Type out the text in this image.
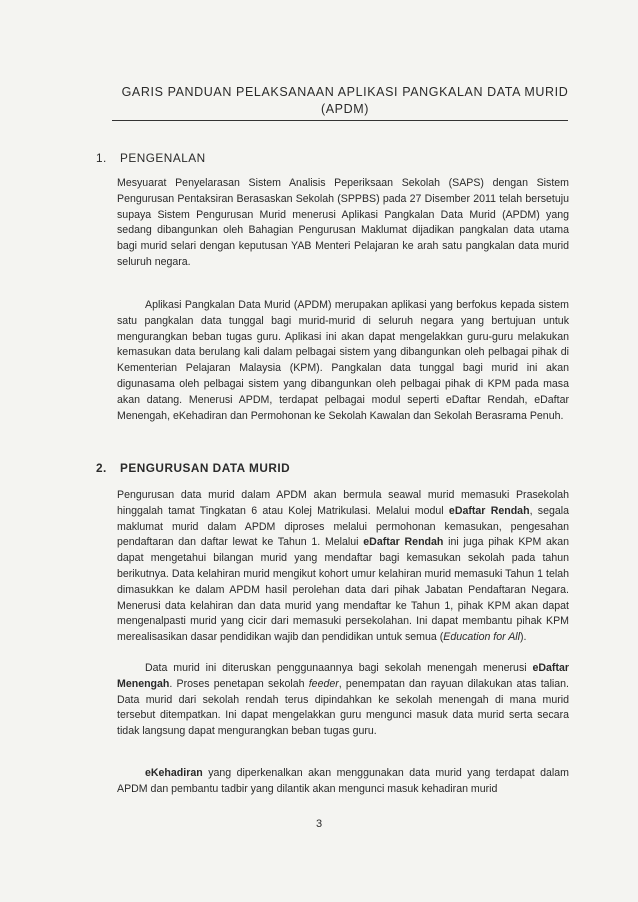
GARIS PANDUAN PELAKSANAAN APLIKASI PANGKALAN DATA MURID
(APDM)
1. PENGENALAN

Mesyuarat Penyelarasan Sistem Analisis Peperiksaan Sekolah (SAPS) dengan Sistem Pengurusan Pentaksiran Berasaskan Sekolah (SPPBS) pada 27 Disember 2011 telah bersetuju supaya Sistem Pengurusan Murid menerusi Aplikasi Pangkalan Data Murid (APDM) yang sedang dibangunkan oleh Bahagian Pengurusan Maklumat dijadikan pangkalan data utama bagi murid selari dengan keputusan YAB Menteri Pelajaran ke arah satu pangkalan data murid seluruh negara.

Aplikasi Pangkalan Data Murid (APDM) merupakan aplikasi yang berfokus kepada sistem satu pangkalan data tunggal bagi murid-murid di seluruh negara yang bertujuan untuk mengurangkan beban tugas guru. Aplikasi ini akan dapat mengelakkan guru-guru melakukan kemasukan data berulang kali dalam pelbagai sistem yang dibangunkan oleh pelbagai pihak di Kementerian Pelajaran Malaysia (KPM). Pangkalan data tunggal bagi murid ini akan digunasama oleh pelbagai sistem yang dibangunkan oleh pelbagai pihak di KPM pada masa akan datang. Menerusi APDM, terdapat pelbagai modul seperti eDaftar Rendah, eDaftar Menengah, eKehadiran dan Permohonan ke Sekolah Kawalan dan Sekolah Berasrama Penuh.

2. PENGURUSAN DATA MURID

Pengurusan data murid dalam APDM akan bermula seawal murid memasuki Prasekolah hinggalah tamat Tingkatan 6 atau Kolej Matrikulasi. Melalui modul eDaftar Rendah, segala maklumat murid dalam APDM diproses melalui permohonan kemasukan, pengesahan pendaftaran dan daftar lewat ke Tahun 1. Melalui eDaftar Rendah ini juga pihak KPM akan dapat mengetahui bilangan murid yang mendaftar bagi kemasukan sekolah pada tahun berikutnya. Data kelahiran murid mengikut kohort umur kelahiran murid memasuki Tahun 1 telah dimasukkan ke dalam APDM hasil perolehan data dari pihak Jabatan Pendaftaran Negara. Menerusi data kelahiran dan data murid yang mendaftar ke Tahun 1, pihak KPM akan dapat mengenalpasti murid yang cicir dari memasuki persekolahan. Ini dapat membantu pihak KPM merealisasikan dasar pendidikan wajib dan pendidikan untuk semua (Education for All).

Data murid ini diteruskan penggunaannya bagi sekolah menengah menerusi eDaftar Menengah. Proses penetapan sekolah feeder, penempatan dan rayuan dilakukan atas talian. Data murid dari sekolah rendah terus dipindahkan ke sekolah menengah di mana murid tersebut ditempatkan. Ini dapat mengelakkan guru mengunci masuk data murid serta secara tidak langsung dapat mengurangkan beban tugas guru.

eKehadiran yang diperkenalkan akan menggunakan data murid yang terdapat dalam APDM dan pembantu tadbir yang dilantik akan mengunci masuk kehadiran murid

3
